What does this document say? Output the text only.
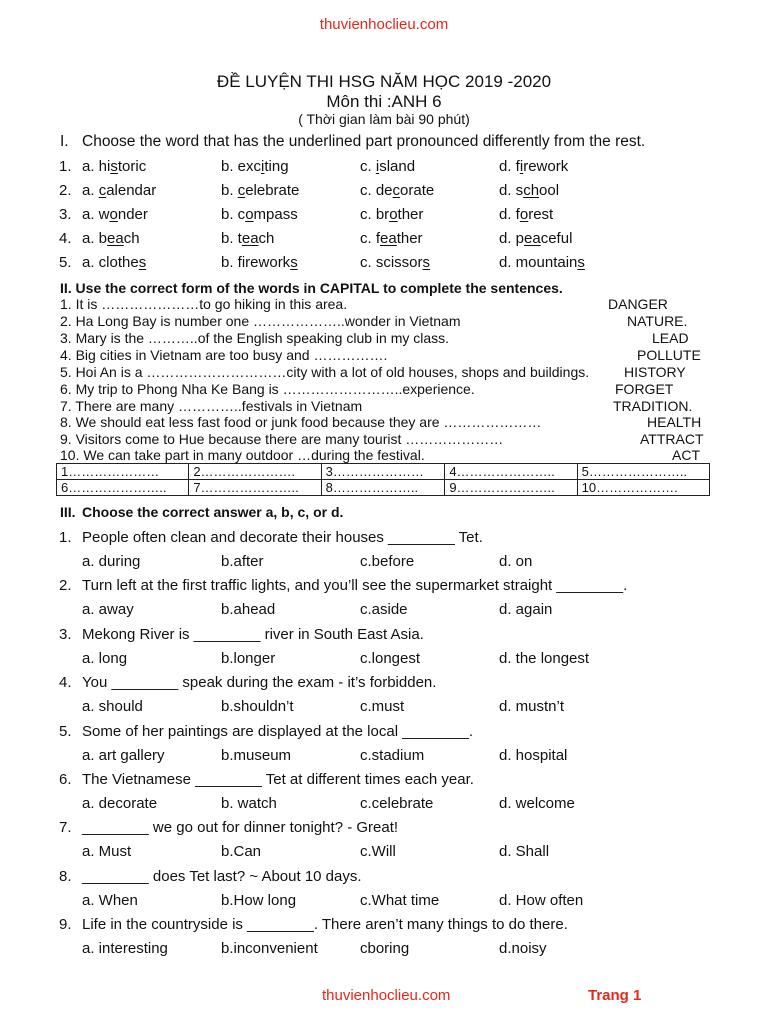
thuvienhoclieu.com
ĐỀ LUYỆN THI HSG NĂM HỌC 2019 -2020
Môn thi :ANH 6
( Thời gian làm bài 90 phút)
I. Choose the word that has the underlined part pronounced differently from the rest.
1. a. historic	b. exciting	c. island	d. firework
2. a. calendar	b. celebrate	c. decorate	d. school
3. a. wonder	b. compass	c. brother	d. forest
4. a. beach	b. teach	c. feather	d. peaceful
5. a. clothes	b. fireworks	c. scissors	d. mountains
II. Use the correct form of the words in CAPITAL to complete the sentences.
1. It is …………………to go hiking in this area.	DANGER
2. Ha Long Bay is number one ………………..wonder in Vietnam	NATURE.
3. Mary is the ………..of the English speaking club in my class.	LEAD
4. Big cities in Vietnam are too busy and …………….	POLLUTE
5. Hoi An is a …………………………city with a lot of old houses, shops and buildings. HISTORY
6. My trip to Phong Nha Ke Bang is ……………………..experience.	FORGET
7. There are many …………..festivals in Vietnam	TRADITION.
8. We should eat less fast food or junk food because they are …………………	HEALTH
9. Visitors come to Hue because there are many tourist …………………	ATTRACT
10. We can take part in many outdoor …during the festival.	ACT
1…………………	2………………….	3…………………	4…………………..	5…………………..
6…………………..	7…………………..	8………………..	9…………………..	10……………….
III. Choose the correct answer a, b, c, or d.
1. People often clean and decorate their houses ________ Tet.
a. during	b.after	c.before	d. on
2. Turn left at the first traffic lights, and you’ll see the supermarket straight ________.
a. away	b.ahead	c.aside	d. again
3. Mekong River is ________ river in South East Asia.
a. long	b.longer	c.longest	d. the longest
4. You ________ speak during the exam - it’s forbidden.
a. should	b.shouldn’t	c.must	d. mustn’t
5. Some of her paintings are displayed at the local ________.
a. art gallery	b.museum	c.stadium	d. hospital
6. The Vietnamese ________ Tet at different times each year.
a. decorate	b. watch	c.celebrate	d. welcome
7. ________ we go out for dinner tonight? - Great!
a. Must	b.Can	c.Will	d. Shall
8. ________ does Tet last? ~ About 10 days.
a. When	b.How long	c.What time	d. How often
9. Life in the countryside is ________. There aren’t many things to do there.
a. interesting	b.inconvenient	cboring	d.noisy
thuvienhoclieu.com	Trang 1
